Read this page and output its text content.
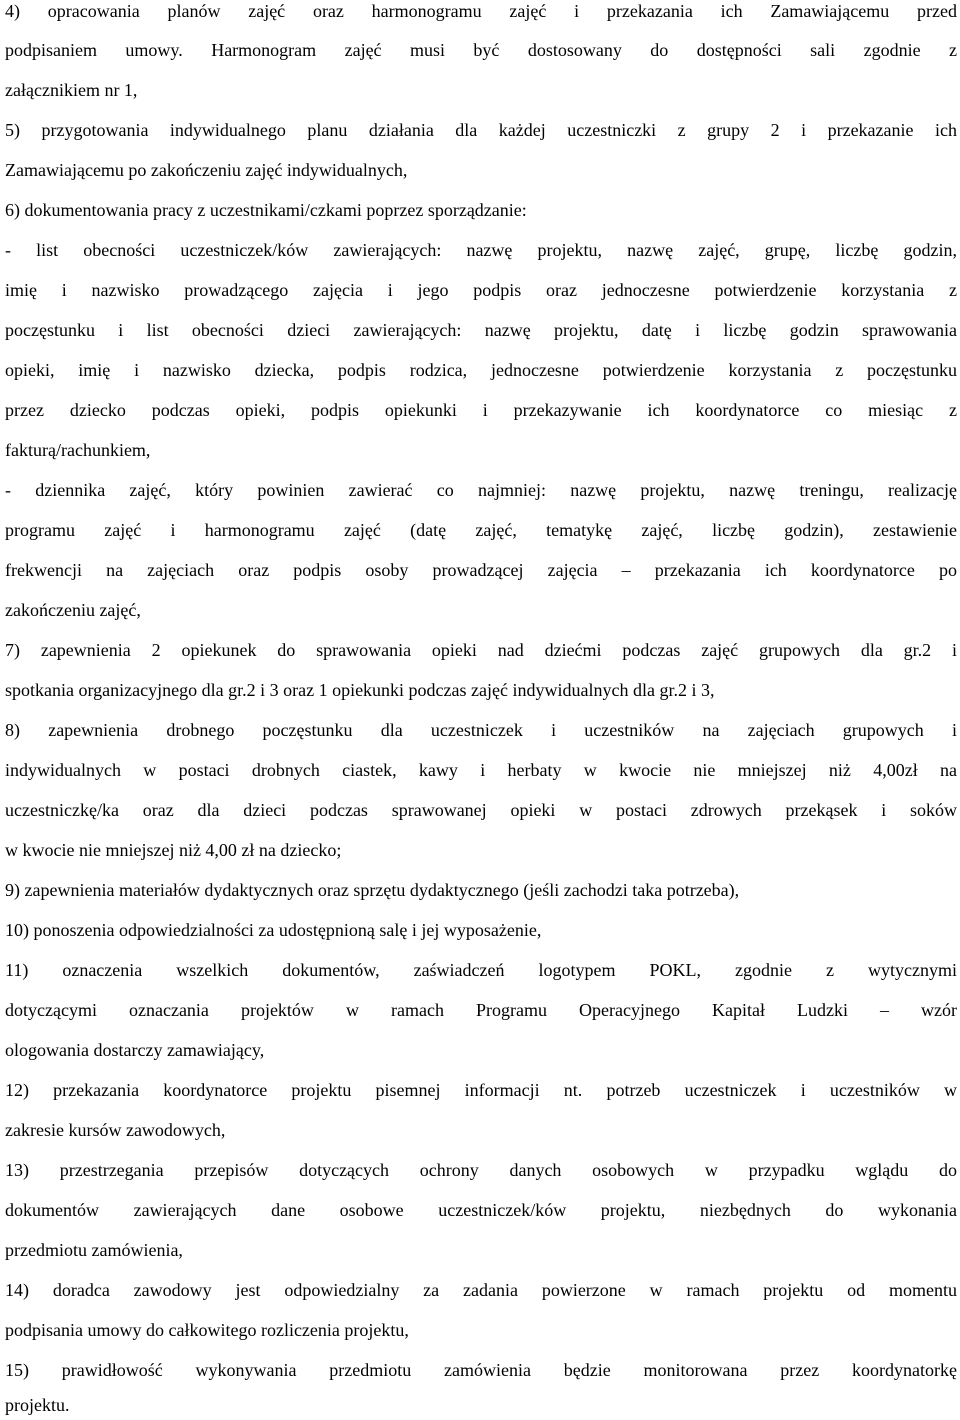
4) opracowania planów zajęć oraz harmonogramu zajęć i przekazania ich Zamawiającemu przed
podpisaniem umowy. Harmonogram zajęć musi być dostosowany do dostępności sali zgodnie z
załącznikiem nr 1,
5) przygotowania indywidualnego planu działania dla każdej uczestniczki z grupy 2 i przekazanie ich
Zamawiającemu po zakończeniu zajęć indywidualnych,
6) dokumentowania pracy z uczestnikami/czkami poprzez sporządzanie:
- list obecności uczestniczek/ków zawierających: nazwę projektu, nazwę zajęć, grupę, liczbę godzin,
imię i nazwisko prowadzącego zajęcia i jego podpis oraz jednoczesne potwierdzenie korzystania z
poczęstunku i list obecności dzieci zawierających: nazwę projektu, datę i liczbę godzin sprawowania
opieki, imię i nazwisko dziecka, podpis rodzica, jednoczesne potwierdzenie korzystania z poczęstunku
przez dziecko podczas opieki, podpis opiekunki i przekazywanie ich koordynatorce co miesiąc z
fakturą/rachunkiem,
- dziennika zajęć, który powinien zawierać co najmniej: nazwę projektu, nazwę treningu, realizację
programu zajęć i harmonogramu zajęć (datę zajęć, tematykę zajęć, liczbę godzin), zestawienie
frekwencji na zajęciach oraz podpis osoby prowadzącej zajęcia – przekazania ich koordynatorce po
zakończeniu zajęć,
7) zapewnienia 2 opiekunek do sprawowania opieki nad dziećmi podczas zajęć grupowych dla gr.2 i
spotkania organizacyjnego dla gr.2 i 3 oraz 1 opiekunki podczas zajęć indywidualnych dla gr.2 i 3,
8) zapewnienia drobnego poczęstunku dla uczestniczek i uczestników na zajęciach grupowych i
indywidualnych w postaci drobnych ciastek, kawy i herbaty w kwocie nie mniejszej niż 4,00zł na
uczestniczkę/ka oraz dla dzieci podczas sprawowanej opieki w postaci zdrowych przekąsek i soków
w kwocie nie mniejszej niż 4,00 zł na dziecko;
9) zapewnienia materiałów dydaktycznych oraz sprzętu dydaktycznego (jeśli zachodzi taka potrzeba),
10) ponoszenia odpowiedzialności za udostępnioną salę i jej wyposażenie,
11) oznaczenia wszelkich dokumentów, zaświadczeń logotypem POKL, zgodnie z wytycznymi
dotyczącymi oznaczania projektów w ramach Programu Operacyjnego Kapitał Ludzki – wzór
ologowania dostarczy zamawiający,
12) przekazania koordynatorce projektu pisemnej informacji nt. potrzeb uczestniczek i uczestników w
zakresie kursów zawodowych,
13) przestrzegania przepisów dotyczących ochrony danych osobowych w przypadku wglądu do
dokumentów zawierających dane osobowe uczestniczek/ków projektu, niezbędnych do wykonania
przedmiotu zamówienia,
14) doradca zawodowy jest odpowiedzialny za zadania powierzone w ramach projektu od momentu
podpisania umowy do całkowitego rozliczenia projektu,
15) prawidłowość wykonywania przedmiotu zamówienia będzie monitorowana przez koordynatorkę
projektu.
